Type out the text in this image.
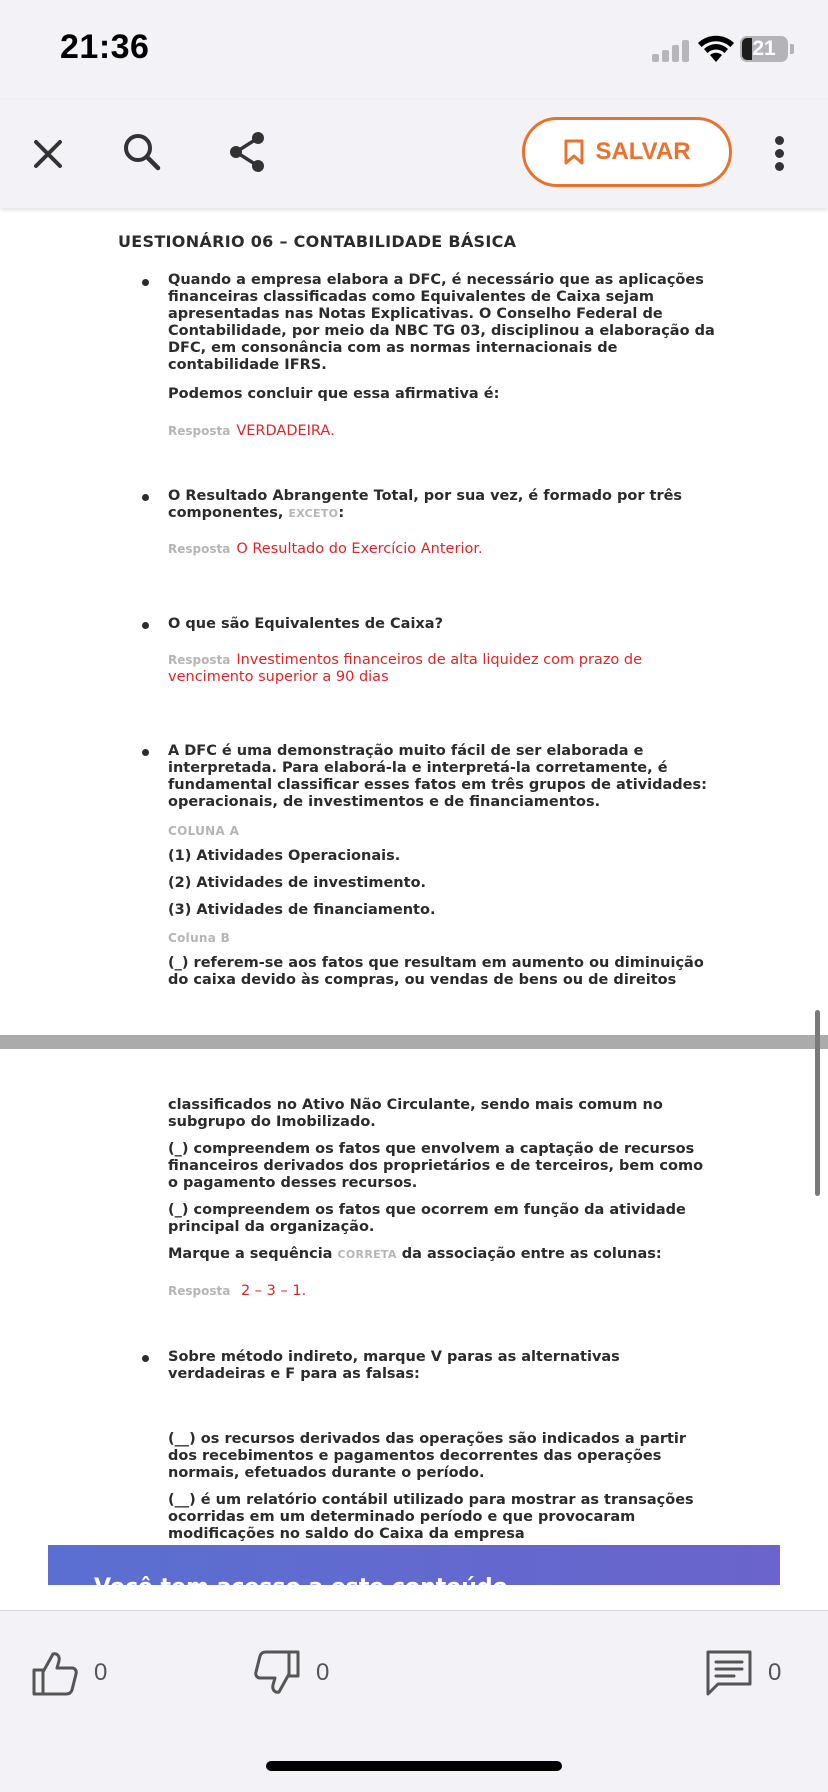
21:36	21
SALVAR
UESTIONÁRIO 06 – CONTABILIDADE BÁSICA
Quando a empresa elabora a DFC, é necessário que as aplicações financeiras classificadas como Equivalentes de Caixa sejam apresentadas nas Notas Explicativas. O Conselho Federal de Contabilidade, por meio da NBC TG 03, disciplinou a elaboração da DFC, em consonância com as normas internacionais de contabilidade IFRS.
Podemos concluir que essa afirmativa é:
Resposta VERDADEIRA.
O Resultado Abrangente Total, por sua vez, é formado por três componentes, EXCETO:
Resposta O Resultado do Exercício Anterior.
O que são Equivalentes de Caixa?
Resposta Investimentos financeiros de alta liquidez com prazo de vencimento superior a 90 dias
A DFC é uma demonstração muito fácil de ser elaborada e interpretada. Para elaborá-la e interpretá-la corretamente, é fundamental classificar esses fatos em três grupos de atividades: operacionais, de investimentos e de financiamentos.
COLUNA A
(1) Atividades Operacionais.
(2) Atividades de investimento.
(3) Atividades de financiamento.
Coluna B
(_) referem-se aos fatos que resultam em aumento ou diminuição do caixa devido às compras, ou vendas de bens ou de direitos
classificados no Ativo Não Circulante, sendo mais comum no subgrupo do Imobilizado.
(_) compreendem os fatos que envolvem a captação de recursos financeiros derivados dos proprietários e de terceiros, bem como o pagamento desses recursos.
(_) compreendem os fatos que ocorrem em função da atividade principal da organização.
Marque a sequência CORRETA da associação entre as colunas:
Resposta 2 – 3 – 1.
Sobre método indireto, marque V paras as alternativas verdadeiras e F para as falsas:
(__) os recursos derivados das operações são indicados a partir dos recebimentos e pagamentos decorrentes das operações normais, efetuados durante o período.
(__) é um relatório contábil utilizado para mostrar as transações ocorridas em um determinado período e que provocaram modificações no saldo do Caixa da empresa
Você tem acesso a este conteúdo
0	0	0
